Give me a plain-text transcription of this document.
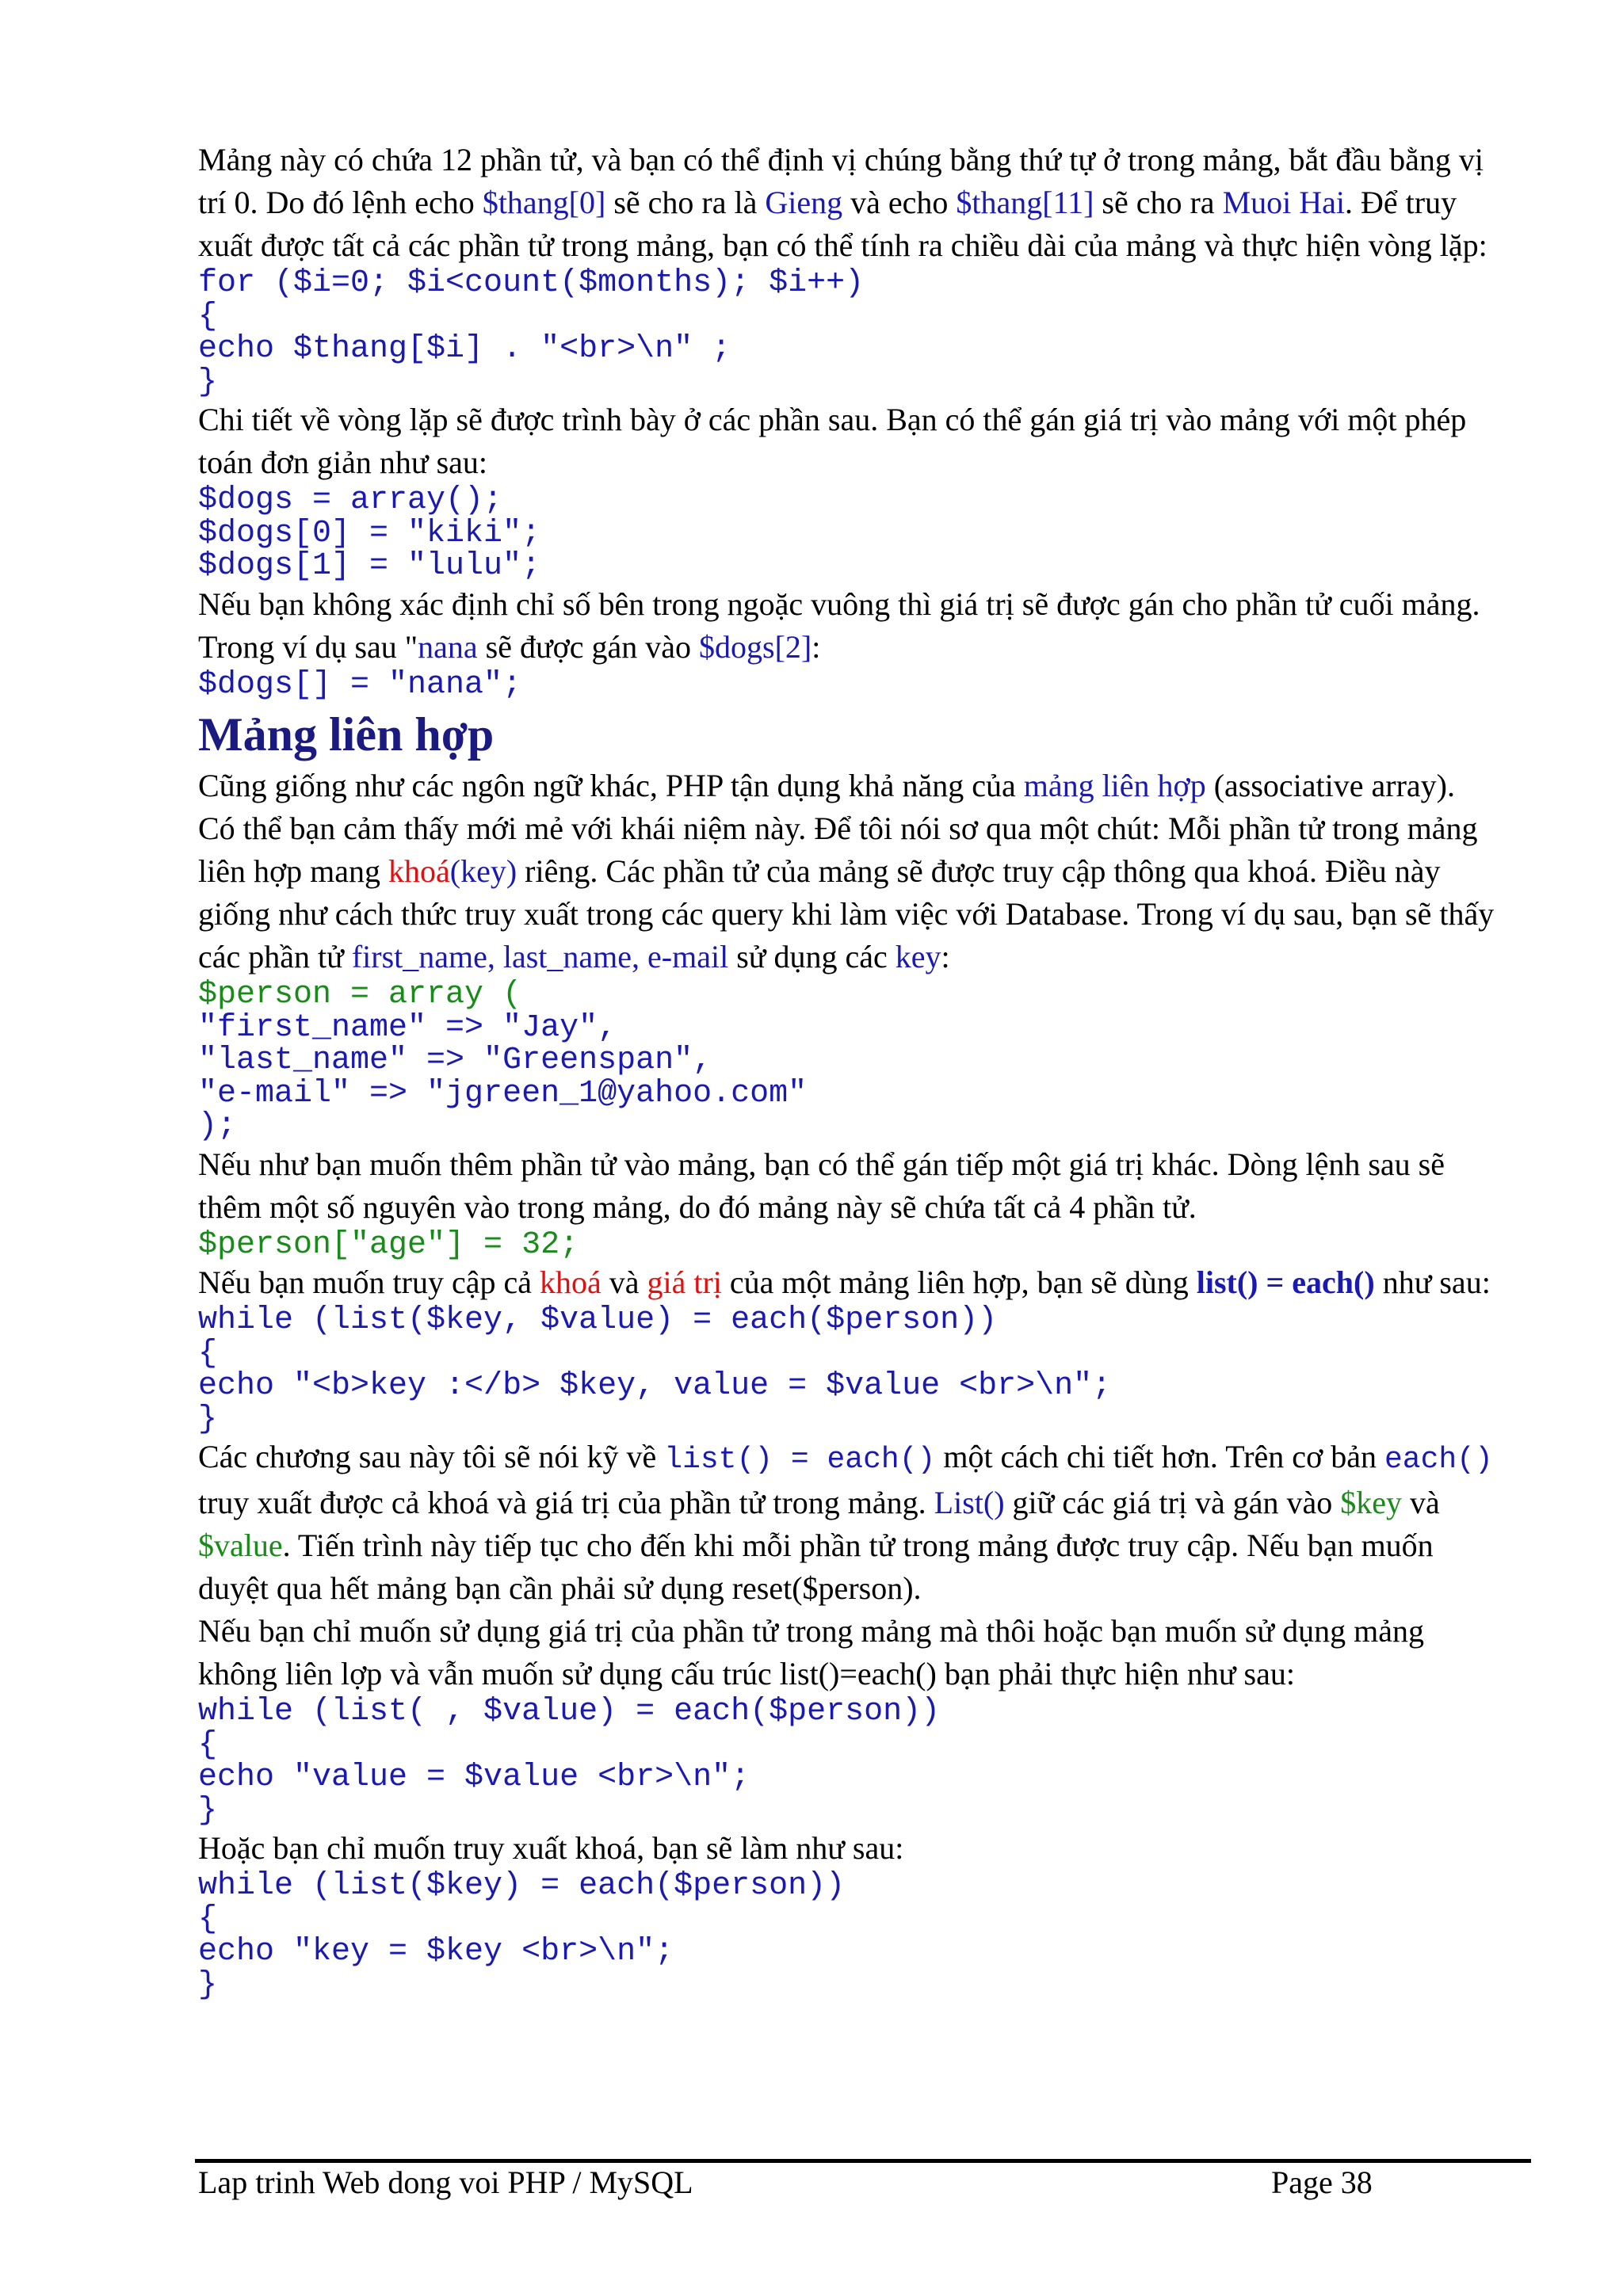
Mảng này có chứa 12 phần tử, và bạn có thể định vị chúng bằng thứ tự ở trong mảng, bắt đầu bằng vị trí 0. Do đó lệnh echo $thang[0] sẽ cho ra là Gieng và echo $thang[11] sẽ cho ra Muoi Hai. Để truy xuất được tất cả các phần tử trong mảng, bạn có thể tính ra chiều dài của mảng và thực hiện vòng lặp:

for ($i=0; $i<count($months); $i++)
{
echo $thang[$i] . "<br>\n" ;
}

Chi tiết về vòng lặp sẽ được trình bày ở các phần sau. Bạn có thể gán giá trị vào mảng với một phép toán đơn giản như sau:

$dogs = array();
$dogs[0] = "kiki";
$dogs[1] = "lulu";

Nếu bạn không xác định chỉ số bên trong ngoặc vuông thì giá trị sẽ được gán cho phần tử cuối mảng. Trong ví dụ sau "nana sẽ được gán vào $dogs[2]:

$dogs[] = "nana";
Mảng liên hợp

Cũng giống như các ngôn ngữ khác, PHP tận dụng khả năng của mảng liên hợp (associative array). Có thể bạn cảm thấy mới mẻ với khái niệm này. Để tôi nói sơ qua một chút: Mỗi phần tử trong mảng liên hợp mang khoá(key) riêng. Các phần tử của mảng sẽ được truy cập thông qua khoá. Điều này giống như cách thức truy xuất trong các query khi làm việc với Database. Trong ví dụ sau, bạn sẽ thấy các phần tử first_name, last_name, e-mail sử dụng các key:

$person = array (
"first_name" => "Jay",
"last_name" => "Greenspan",
"e-mail" => "jgreen_1@yahoo.com"
);

Nếu như bạn muốn thêm phần tử vào mảng, bạn có thể gán tiếp một giá trị khác. Dòng lệnh sau sẽ thêm một số nguyên vào trong mảng, do đó mảng này sẽ chứa tất cả 4 phần tử.

$person["age"] = 32;

Nếu bạn muốn truy cập cả khoá và giá trị của một mảng liên hợp, bạn sẽ dùng list() = each() như sau:

while (list($key, $value) = each($person))
{
echo "<b>key :</b> $key, value = $value <br>\n";
}

Các chương sau này tôi sẽ nói kỹ về list() = each() một cách chi tiết hơn. Trên cơ bản each() truy xuất được cả khoá và giá trị của phần tử trong mảng. List() giữ các giá trị và gán vào $key và $value. Tiến trình này tiếp tục cho đến khi mỗi phần tử trong mảng được truy cập. Nếu bạn muốn duyệt qua hết mảng bạn cần phải sử dụng reset($person).

Nếu bạn chỉ muốn sử dụng giá trị của phần tử trong mảng mà thôi hoặc bạn muốn sử dụng mảng không liên lợp và vẫn muốn sử dụng cấu trúc list()=each() bạn phải thực hiện như sau:

while (list( , $value) = each($person))
{
echo "value = $value <br>\n";
}

Hoặc bạn chỉ muốn truy xuất khoá, bạn sẽ làm như sau:

while (list($key) = each($person))
{
echo "key = $key <br>\n";
}
Lap trinh Web dong voi PHP / MySQL	Page 38
